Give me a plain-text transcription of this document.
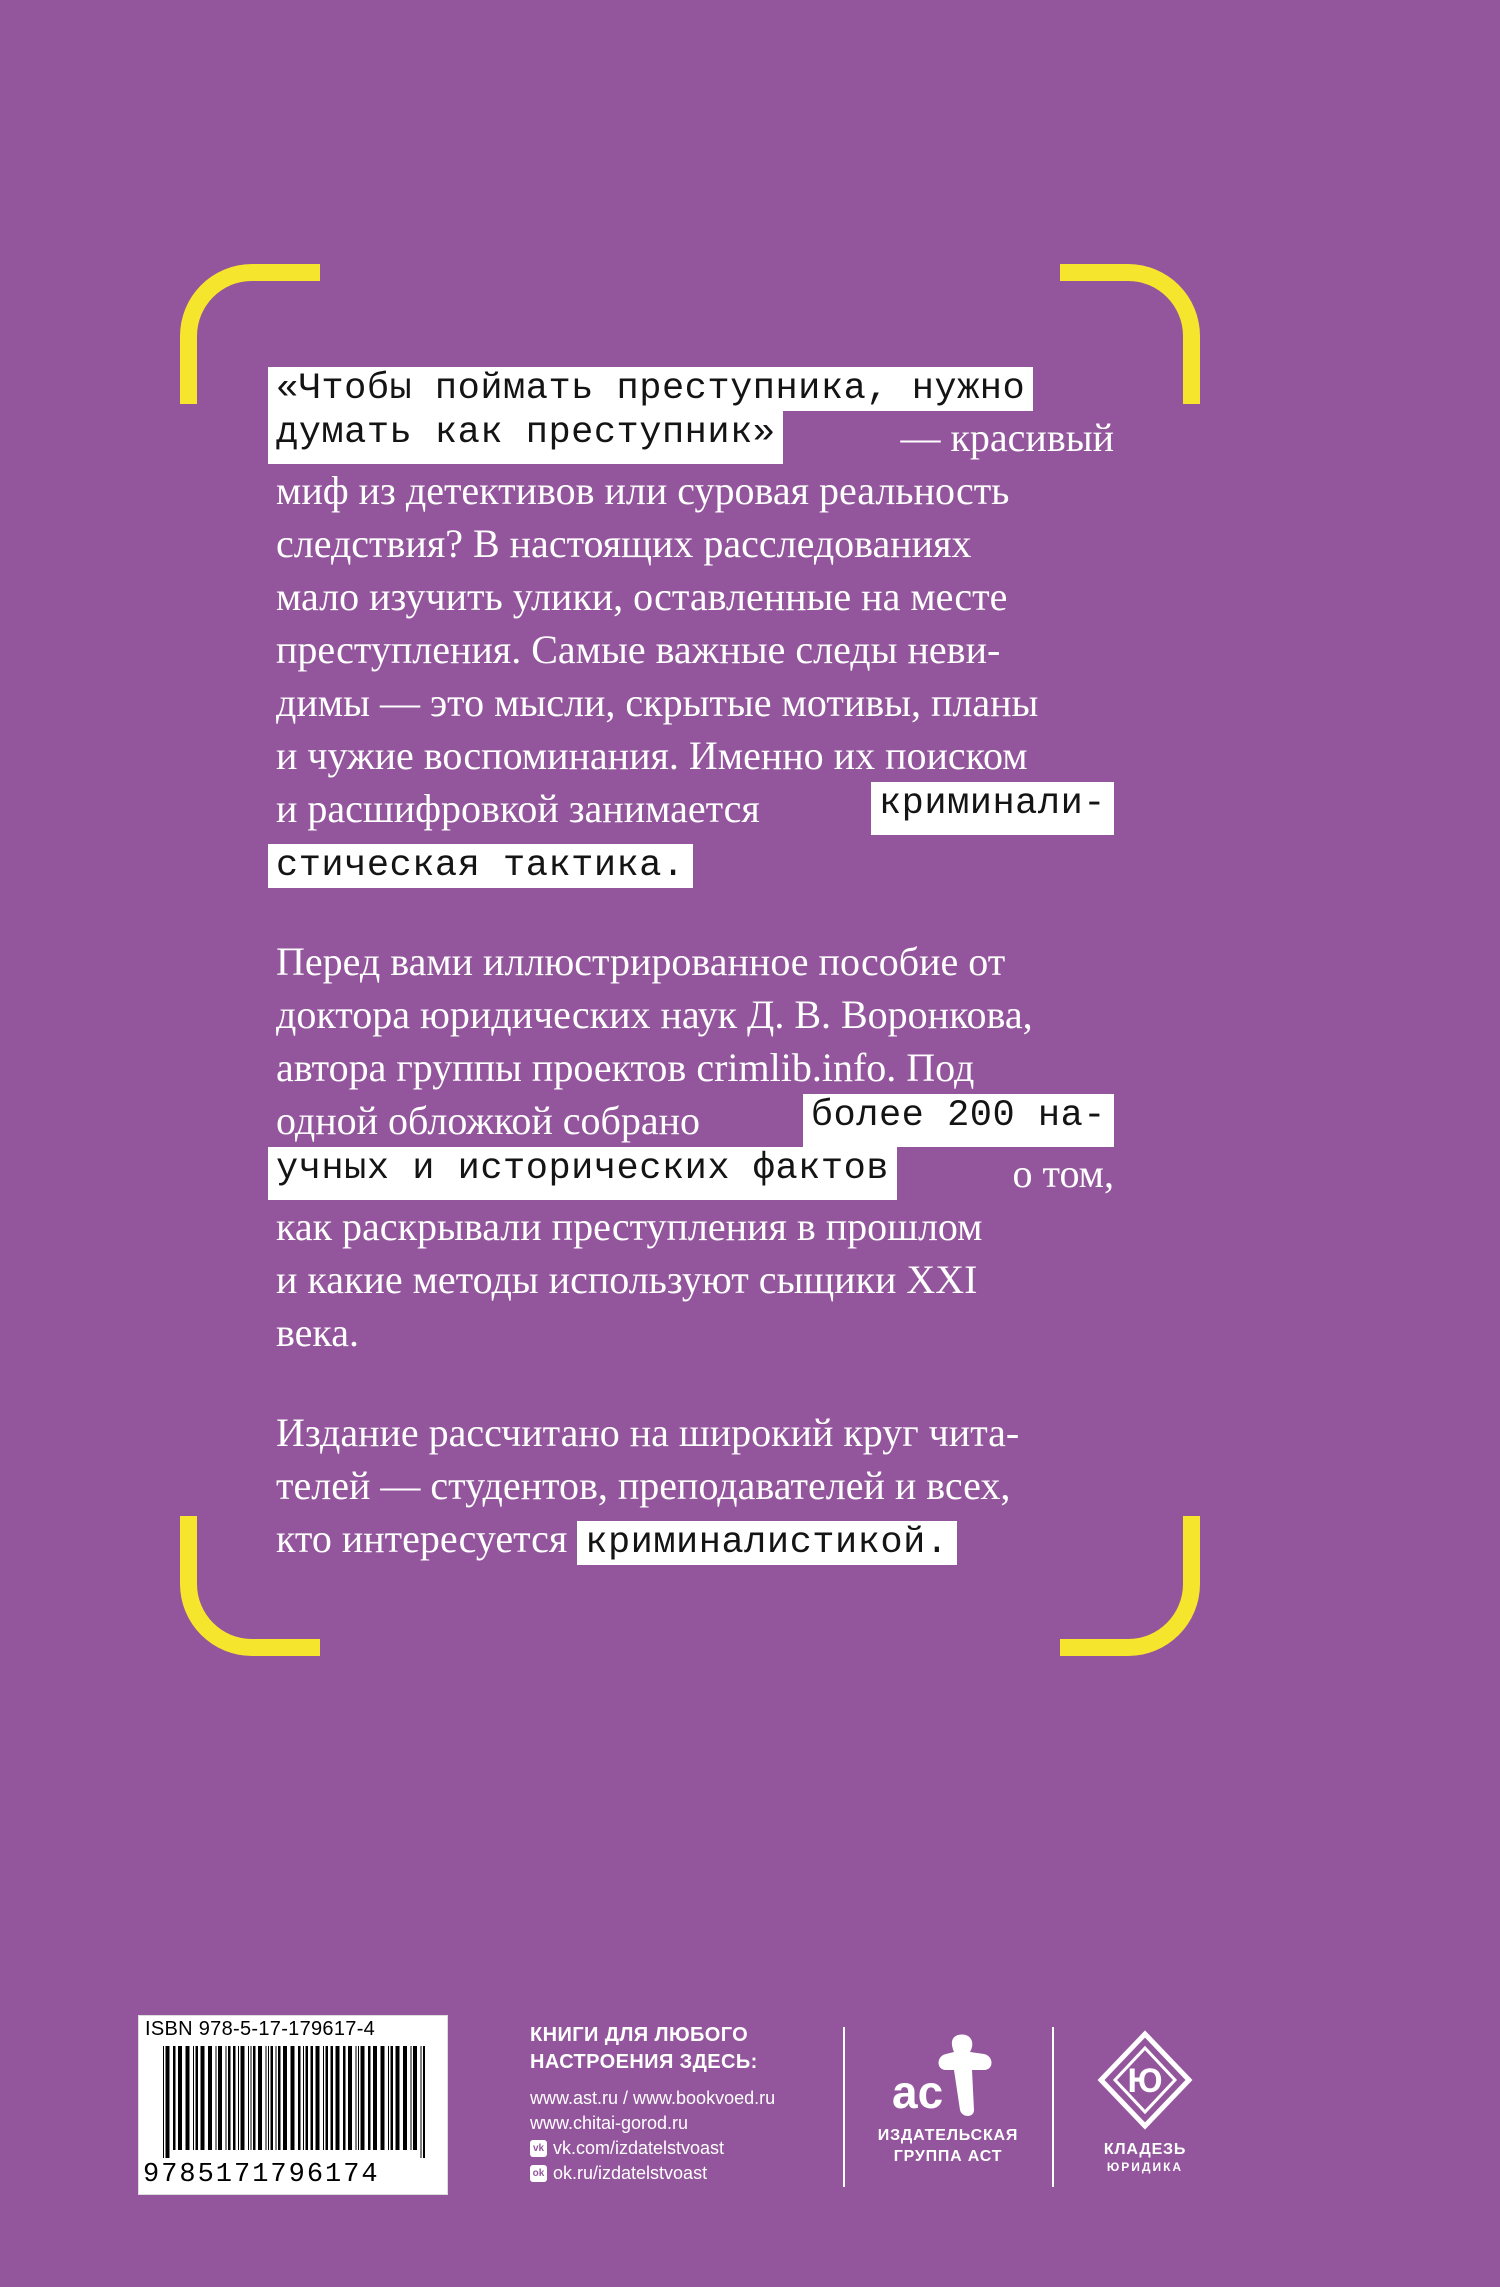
«Чтобы поймать преступника, нужно
думать как преступник»	— красивый
миф из детективов или суровая реальность
следствия? В настоящих расследованиях
мало изучить улики, оставленные на месте
преступления. Самые важные следы неви-
димы — это мысли, скрытые мотивы, планы
и чужие воспоминания. Именно их поиском
и расшифровкой занимается	криминали-
стическая тактика.
Перед вами иллюстрированное пособие от
доктора юридических наук Д. В. Воронкова,
автора группы проектов crimlib.info. Под
одной обложкой собрано	более 200 на-
учных и исторических фактов	о том,
как раскрывали преступления в прошлом
и какие методы используют сыщики XXI
века.
Издание рассчитано на широкий круг чита-
телей — студентов, преподавателей и всех,
кто интересуется криминалистикой.
ISBN 978-5-17-179617-4
9785171796174
КНИГИ ДЛЯ ЛЮБОГО
НАСТРОЕНИЯ ЗДЕСЬ:
www.ast.ru / www.bookvoed.ru
www.chitai-gorod.ru
vk vk.com/izdatelstvoast
ok ok.ru/izdatelstvoast
ac
ИЗДАТЕЛЬСКАЯ
ГРУППА АСТ
Ю
КЛАДЕЗЬ
ЮРИДИКА
